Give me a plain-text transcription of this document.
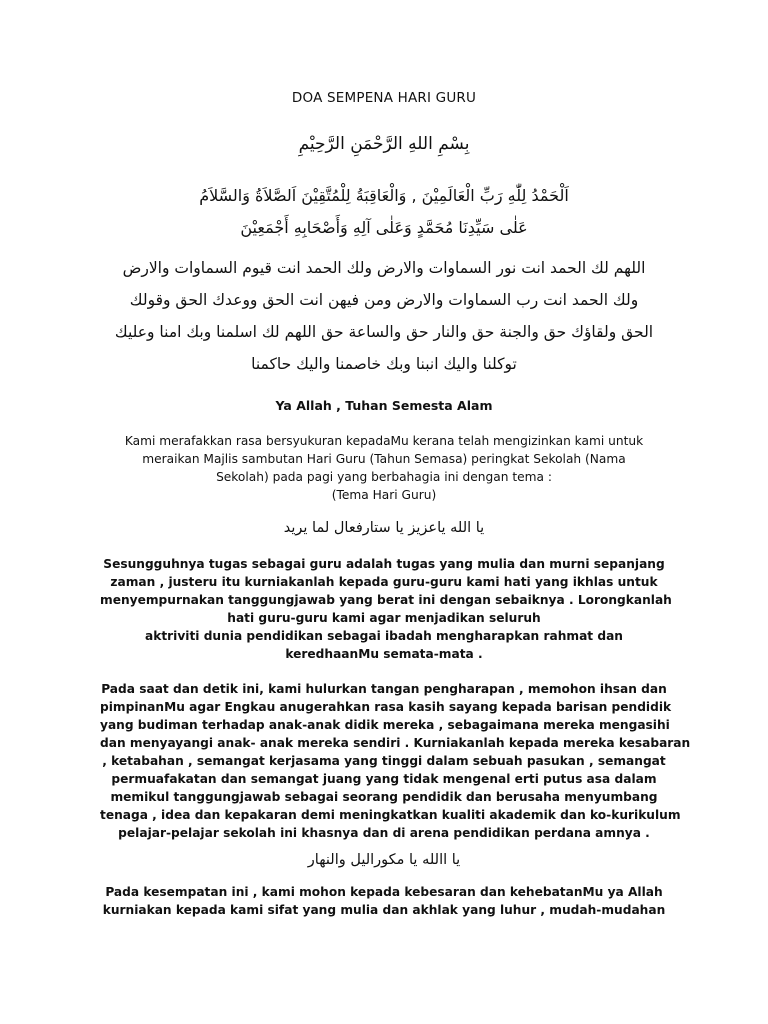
DOA SEMPENA HARI GURU
بِسْمِ اللهِ الرَّحْمَنِ الرَّحِيْمِ
اَلْحَمْدُ لِلّٰهِ رَبِّ الْعَالَمِيْنَ , وَالْعَاقِبَةُ لِلْمُتَّقِيْنَ اَلصَّلاَةُ وَالسَّلاَمُ
عَلٰى سَيِّدِنَا مُحَمَّدٍ وَعَلٰى آلِهِ وَأَصْحَابِهِ أَجْمَعِيْنَ
اللهم لك الحمد انت نور السماوات والارض ولك الحمد انت قيوم السماوات والارض
ولك الحمد انت رب السماوات والارض ومن فيهن انت الحق ووعدك الحق وقولك
الحق ولقاؤك حق والجنة حق والنار حق والساعة حق اللهم لك اسلمنا وبك امنا وعليك
توكلنا واليك انبنا وبك خاصمنا واليك حاكمنا
Ya Allah , Tuhan Semesta Alam
Kami merafakkan rasa bersyukuran kepadaMu kerana telah mengizinkan kami untuk
meraikan Majlis sambutan Hari Guru (Tahun Semasa) peringkat Sekolah (Nama
Sekolah) pada pagi yang berbahagia ini dengan tema :
(Tema Hari Guru)
يا الله ياعزيز يا ستارفعال لما يريد
Sesungguhnya tugas sebagai guru adalah tugas yang mulia dan murni sepanjang
zaman , justeru itu kurniakanlah kepada guru-guru kami hati yang ikhlas untuk
menyempurnakan tanggungjawab yang berat ini dengan sebaiknya . Lorongkanlah
hati guru-guru kami agar menjadikan seluruh
aktriviti dunia pendidikan sebagai ibadah mengharapkan rahmat dan
keredhaanMu semata-mata .
Pada saat dan detik ini, kami hulurkan tangan pengharapan , memohon ihsan dan
pimpinanMu agar Engkau anugerahkan rasa kasih sayang kepada barisan pendidik
yang budiman terhadap anak-anak didik mereka , sebagaimana mereka mengasihi
dan menyayangi anak- anak mereka sendiri . Kurniakanlah kepada mereka kesabaran
, ketabahan , semangat kerjasama yang tinggi dalam sebuah pasukan , semangat
permuafakatan dan semangat juang yang tidak mengenal erti putus asa dalam
memikul tanggungjawab sebagai seorang pendidik dan berusaha menyumbang
tenaga , idea dan kepakaran demi meningkatkan kualiti akademik dan ko-kurikulum
pelajar-pelajar sekolah ini khasnya dan di arena pendidikan perdana amnya .
يا االله يا مكوراليل والنهار
Pada kesempatan ini , kami mohon kepada kebesaran dan kehebatanMu ya Allah
kurniakan kepada kami sifat yang mulia dan akhlak yang luhur , mudah-mudahan
